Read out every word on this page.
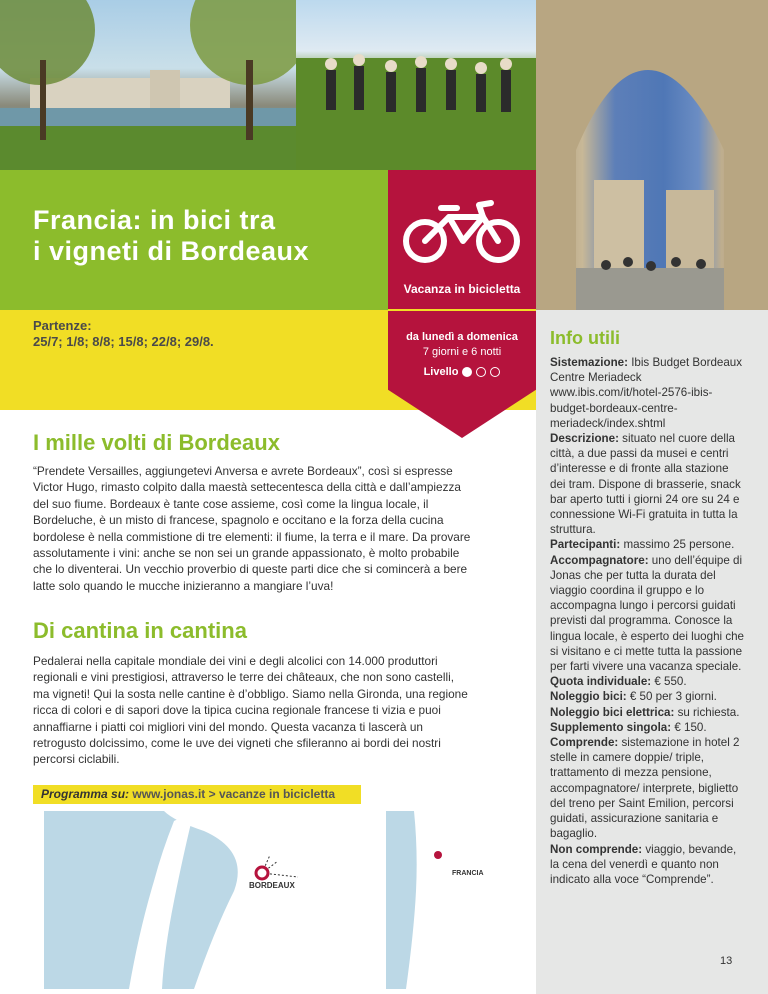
Francia: in bici tra
i vigneti di Bordeaux
Partenze:
25/7; 1/8; 8/8; 15/8; 22/8; 29/8.
Vacanza in bicicletta
da lunedì a domenica
7 giorni e 6 notti
Livello
I mille volti di Bordeaux
“Prendete Versailles, aggiungetevi Anversa e avrete Bordeaux”, così si espresse Victor Hugo, rimasto colpito dalla maestà settecentesca della città e dall’ampiezza del suo fiume. Bordeaux è tante cose assieme, così come la lingua locale, il Bordeluche, è un misto di francese, spagnolo e occitano e la forza della cucina bordolese è nella commistione di tre elementi: il fiume, la terra e il mare. Da provare assolutamente i vini: anche se non sei un grande appassionato, è molto probabile che lo diventerai. Un vecchio proverbio di queste parti dice che si comincerà a bere latte solo quando le mucche inizieranno a mangiare l’uva!
Di cantina in cantina
Pedalerai nella capitale mondiale dei vini e degli alcolici con 14.000 produttori regionali e vini prestigiosi, attraverso le terre dei châteaux, che non sono castelli, ma vigneti! Qui la sosta nelle cantine è d’obbligo. Siamo nella Gironda, una regione ricca di colori e di sapori dove la tipica cucina regionale francese ti vizia e puoi annaffiarne i piatti coi migliori vini del mondo. Questa vacanza ti lascerà un retrogusto dolcissimo, come le uve dei vigneti che sfileranno ai bordi dei nostri percorsi ciclabili.
Programma su: www.jonas.it > vacanze in bicicletta
BORDEAUX
FRANCIA
Info utili
Sistemazione: Ibis Budget Bordeaux Centre Meriadeck www.ibis.com/it/hotel-2576-ibis-budget-bordeaux-centre-meriadeck/index.shtml
Descrizione: situato nel cuore della città, a due passi da musei e centri d’interesse e di fronte alla stazione dei tram. Dispone di brasserie, snack bar aperto tutti i giorni 24 ore su 24 e connessione Wi-Fi gratuita in tutta la struttura.
Partecipanti: massimo 25 persone.
Accompagnatore: uno dell’équipe di Jonas che per tutta la durata del viaggio coordina il gruppo e lo accompagna lungo i percorsi guidati previsti dal programma. Conosce la lingua locale, è esperto dei luoghi che si visitano e ci mette tutta la passione per farti vivere una vacanza speciale.
Quota individuale: € 550.
Noleggio bici: € 50 per 3 giorni.
Noleggio bici elettrica: su richiesta.
Supplemento singola: € 150.
Comprende: sistemazione in hotel 2 stelle in camere doppie/ triple, trattamento di mezza pensione, accompagnatore/ interprete, biglietto del treno per Saint Emilion, percorsi guidati, assicurazione sanitaria e bagaglio.
Non comprende: viaggio, bevande, la cena del venerdì e quanto non indicato alla voce “Comprende”.
13
